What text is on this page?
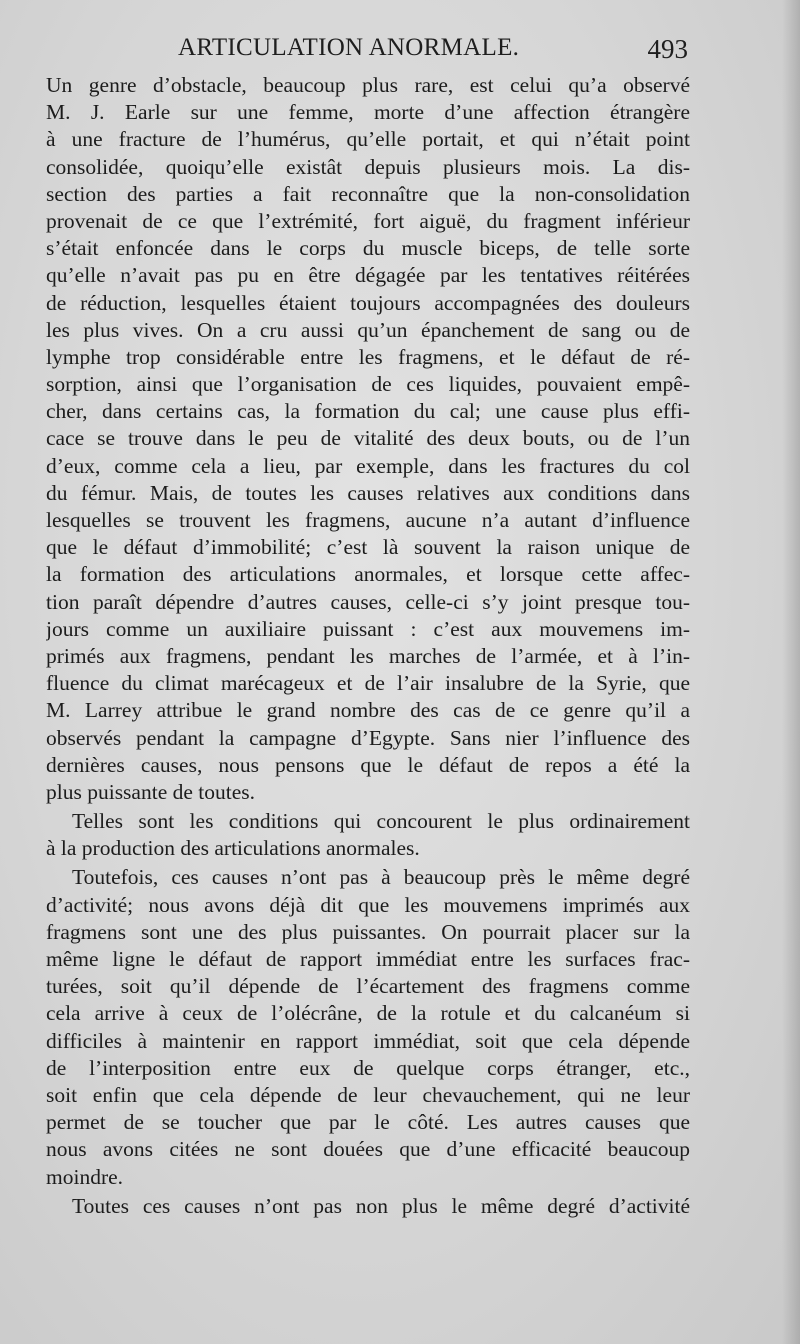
ARTICULATION ANORMALE.	493
Un genre d’obstacle, beaucoup plus rare, est celui qu’a observé
M. J. Earle sur une femme, morte d’une affection étrangère
à une fracture de l’humérus, qu’elle portait, et qui n’était point
consolidée, quoiqu’elle existât depuis plusieurs mois. La dis-
section des parties a fait reconnaître que la non-consolidation
provenait de ce que l’extrémité, fort aiguë, du fragment inférieur
s’était enfoncée dans le corps du muscle biceps, de telle sorte
qu’elle n’avait pas pu en être dégagée par les tentatives réitérées
de réduction, lesquelles étaient toujours accompagnées des douleurs
les plus vives. On a cru aussi qu’un épanchement de sang ou de
lymphe trop considérable entre les fragmens, et le défaut de ré-
sorption, ainsi que l’organisation de ces liquides, pouvaient empê-
cher, dans certains cas, la formation du cal; une cause plus effi-
cace se trouve dans le peu de vitalité des deux bouts, ou de l’un
d’eux, comme cela a lieu, par exemple, dans les fractures du col
du fémur. Mais, de toutes les causes relatives aux conditions dans
lesquelles se trouvent les fragmens, aucune n’a autant d’influence
que le défaut d’immobilité; c’est là souvent la raison unique de
la formation des articulations anormales, et lorsque cette affec-
tion paraît dépendre d’autres causes, celle-ci s’y joint presque tou-
jours comme un auxiliaire puissant : c’est aux mouvemens im-
primés aux fragmens, pendant les marches de l’armée, et à l’in-
fluence du climat marécageux et de l’air insalubre de la Syrie, que
M. Larrey attribue le grand nombre des cas de ce genre qu’il a
observés pendant la campagne d’Egypte. Sans nier l’influence des
dernières causes, nous pensons que le défaut de repos a été la
plus puissante de toutes.
Telles sont les conditions qui concourent le plus ordinairement
à la production des articulations anormales.
Toutefois, ces causes n’ont pas à beaucoup près le même degré
d’activité; nous avons déjà dit que les mouvemens imprimés aux
fragmens sont une des plus puissantes. On pourrait placer sur la
même ligne le défaut de rapport immédiat entre les surfaces frac-
turées, soit qu’il dépende de l’écartement des fragmens comme
cela arrive à ceux de l’olécrâne, de la rotule et du calcanéum si
difficiles à maintenir en rapport immédiat, soit que cela dépende
de l’interposition entre eux de quelque corps étranger, etc.,
soit enfin que cela dépende de leur chevauchement, qui ne leur
permet de se toucher que par le côté. Les autres causes que
nous avons citées ne sont douées que d’une efficacité beaucoup
moindre.
Toutes ces causes n’ont pas non plus le même degré d’activité
